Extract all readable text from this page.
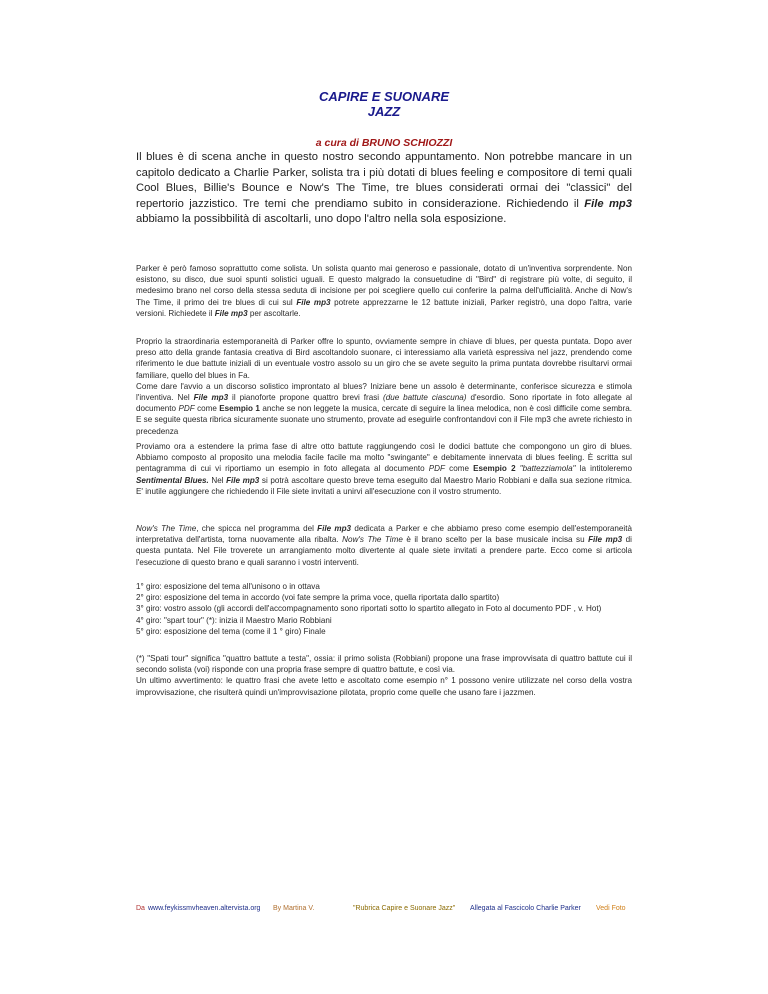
CAPIRE E SUONARE
JAZZ
a cura di BRUNO SCHIOZZI

Il blues è di scena anche in questo nostro secondo appuntamento. Non potrebbe mancare in un capitolo dedicato a Charlie Parker, solista tra i più dotati di blues feeling e compositore di temi quali Cool Blues, Billie's Bounce e Now's The Time, tre blues considerati ormai dei "classici" del repertorio jazzistico. Tre temi che prendiamo subito in considerazione. Richiedendo il File mp3 abbiamo la possibbilità di ascoltarli, uno dopo l'altro nella sola esposizione.

Parker è però famoso soprattutto come solista. Un solista quanto mai generoso e passionale, dotato di un'inventiva sorprendente. Non esistono, su disco, due suoi spunti solistici uguali. E questo malgrado la consuetudine di "Bird" di registrare più volte, di seguito, il medesimo brano nel corso della stessa seduta di incisione per poi scegliere quello cui conferire la palma dell'ufficialità. Anche di Now's The Time, il primo dei tre blues di cui sul File mp3 potrete apprezzarne le 12 battute iniziali, Parker registrò, una dopo l'altra, varie versioni. Richiedete il File mp3 per ascoltarle.

Proprio la straordinaria estemporaneità di Parker offre lo spunto, ovviamente sempre in chiave di blues, per questa puntata. Dopo aver preso atto della grande fantasia creativa di Bird ascoltandolo suonare, ci interessiamo alla varietà espressiva nel jazz, prendendo come riferimento le due battute iniziali di un eventuale vostro assolo su un giro che se avete seguito la prima puntata dovrebbe risultarvi ormai familiare, quello del blues in Fa.
Come dare l'avvio a un discorso solistico improntato al blues? Iniziare bene un assolo è determinante, conferisce sicurezza e stimola l'inventiva. Nel File mp3 il pianoforte propone quattro brevi frasi (due battute ciascuna) d'esordio. Sono riportate in foto allegate al documento PDF come Esempio 1 anche se non leggete la musica, cercate di seguire la linea melodica, non è così difficile come sembra. E se seguite questa ribrica sicuramente suonate uno strumento, provate ad eseguirle confrontandovi con il File mp3 che avrete richiesto in precedenza

Proviamo ora a estendere la prima fase di altre otto battute raggiungendo così le dodici battute che compongono un giro di blues. Abbiamo composto al proposito una melodia facile facile ma molto "swingante" e debitamente innervata di blues feeling. È scritta sul pentagramma di cui vi riportiamo un esempio in foto allegata al documento PDF come Esempio 2 "battezziamola" la intitoleremo Sentimental Blues. Nel File mp3 si potrà ascoltare questo breve tema eseguito dal Maestro Mario Robbiani e dalla sua sezione ritmica. E' inutile aggiungere che richiedendo il File siete invitati a unirvi all'esecuzione con il vostro strumento.

Now's The Time, che spicca nel programma del File mp3 dedicata a Parker e che abbiamo preso come esempio dell'estemporaneità interpretativa dell'artista, torna nuovamente alla ribalta. Now's The Time è il brano scelto per la base musicale incisa su File mp3 di questa puntata. Nel File troverete un arrangiamento molto divertente al quale siete invitati a prendere parte. Ecco come si articola l'esecuzione di questo brano e quali saranno i vostri interventi.

1° giro: esposizione del tema all'unisono o in ottava
2° giro: esposizione del tema in accordo (voi fate sempre la prima voce, quella riportata dallo spartito)
3° giro: vostro assolo (gli accordi dell'accompagnamento sono riportati sotto lo spartito allegato in Foto al documento PDF , v. Hot)
4° giro: "spart tour" (*): inizia il Maestro Mario Robbiani
5° giro: esposizione del tema (come il 1 ° giro) Finale

(*) "Spati tour" significa "quattro battute a testa", ossia: il primo solista (Robbiani) propone una frase improvvisata di quattro battute cui il secondo solista (voi) risponde con una propria frase sempre di quattro battute, e così via.
Un ultimo avvertimento: le quattro frasi che avete letto e ascoltato come esempio n° 1 possono venire utilizzate nel corso della vostra improvvisazione, che risulterà quindi un'improvvisazione pilotata, proprio come quelle che usano fare i jazzmen.

Da www.feykissmvheaven.altervista.org By Martina V.	"Rubrica Capire e Suonare Jazz" Allegata al Fascicolo Charlie Parker Vedi Foto
